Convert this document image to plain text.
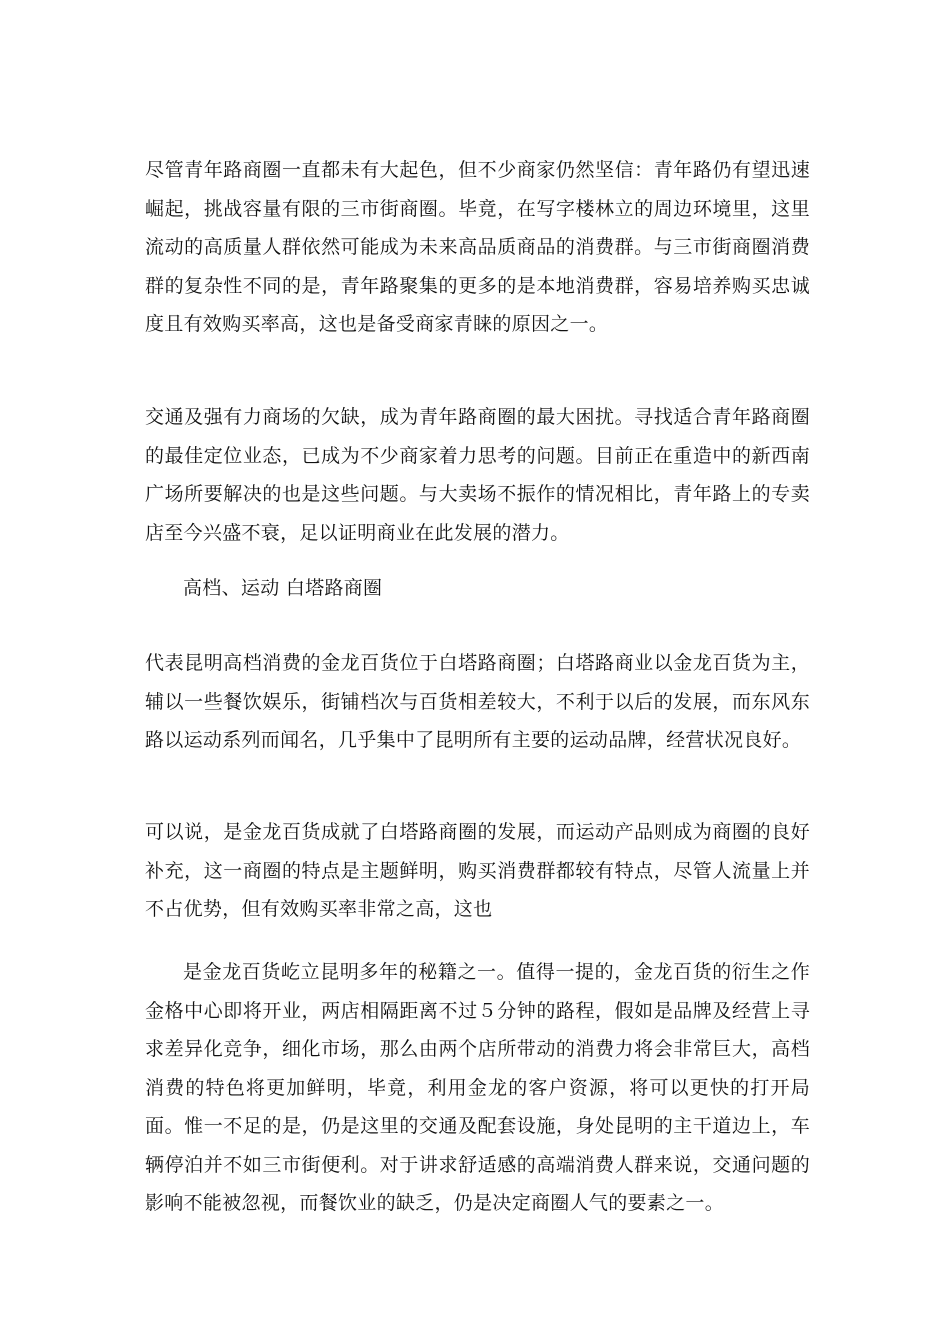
尽管青年路商圈一直都未有大起色，但不少商家仍然坚信：青年路仍有望迅速崛起，挑战容量有限的三市街商圈。毕竟，在写字楼林立的周边环境里，这里流动的高质量人群依然可能成为未来高品质商品的消费群。与三市街商圈消费群的复杂性不同的是，青年路聚集的更多的是本地消费群，容易培养购买忠诚度且有效购买率高，这也是备受商家青睐的原因之一。

交通及强有力商场的欠缺，成为青年路商圈的最大困扰。寻找适合青年路商圈的最佳定位业态，已成为不少商家着力思考的问题。目前正在重造中的新西南广场所要解决的也是这些问题。与大卖场不振作的情况相比，青年路上的专卖店至今兴盛不衰，足以证明商业在此发展的潜力。

高档、运动 白塔路商圈

代表昆明高档消费的金龙百货位于白塔路商圈；白塔路商业以金龙百货为主，辅以一些餐饮娱乐，街铺档次与百货相差较大，不利于以后的发展，而东风东路以运动系列而闻名，几乎集中了昆明所有主要的运动品牌，经营状况良好。

可以说，是金龙百货成就了白塔路商圈的发展，而运动产品则成为商圈的良好补充，这一商圈的特点是主题鲜明，购买消费群都较有特点，尽管人流量上并不占优势，但有效购买率非常之高，这也

是金龙百货屹立昆明多年的秘籍之一。值得一提的，金龙百货的衍生之作金格中心即将开业，两店相隔距离不过５分钟的路程，假如是品牌及经营上寻求差异化竞争，细化市场，那么由两个店所带动的消费力将会非常巨大，高档消费的特色将更加鲜明，毕竟，利用金龙的客户资源，将可以更快的打开局面。惟一不足的是，仍是这里的交通及配套设施，身处昆明的主干道边上，车辆停泊并不如三市街便利。对于讲求舒适感的高端消费人群来说，交通问题的影响不能被忽视，而餐饮业的缺乏，仍是决定商圈人气的要素之一。
